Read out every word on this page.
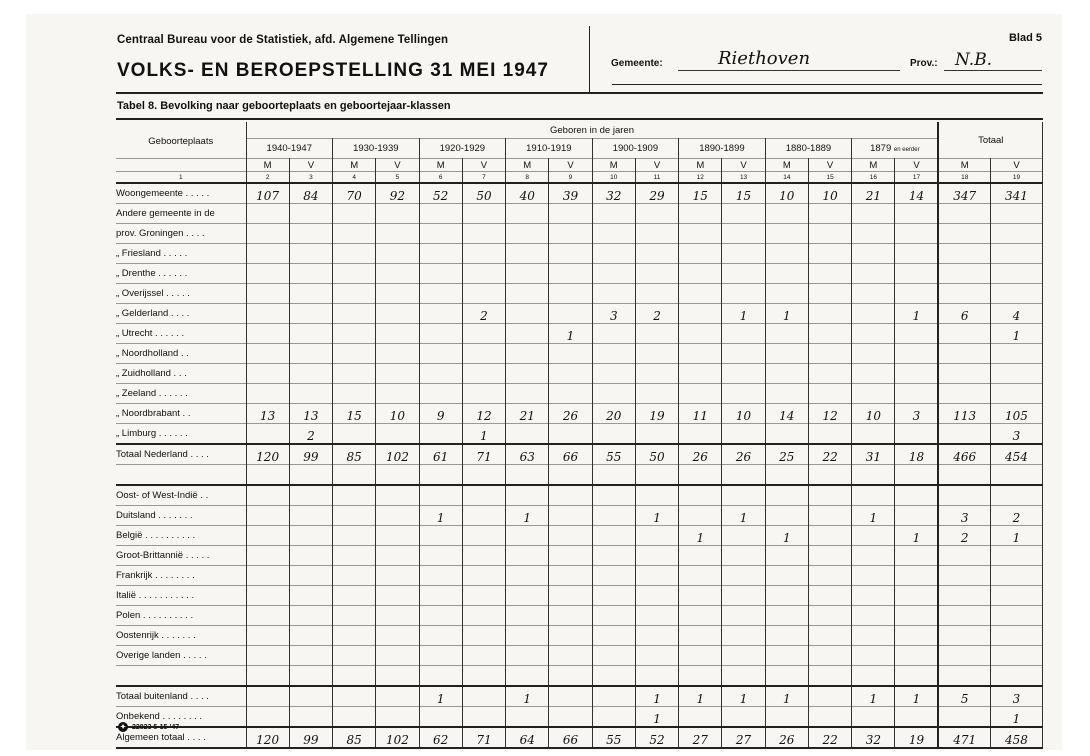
Centraal Bureau voor de Statistiek, afd. Algemene Tellingen
VOLKS- EN BEROEPSTELLING 31 MEI 1947
Blad 5
Gemeente:	Riethoven	Prov.: N.B.
Tabel 8. Bevolking naar geboorteplaats en geboortejaar-klassen
Geboorteplaats	Geboren in de jaren																Totaal	
	1940-1947		1930-1939		1920-1929		1910-1919		1900-1909		1890-1899		1880-1889		1879 en eerder			
	M	V	M	V	M	V	M	V	M	V	M	V	M	V	M	V	M	V
1	2	3	4	5	6	7	8	9	10	11	12	13	14	15	16	17	18	19
Woongemeente . . . . .	107	84	70	92	52	50	40	39	32	29	15	15	10	10	21	14	347	341
Andere gemeente in de																		
prov. Groningen . . . .																		
„ Friesland . . . . .																		
„ Drenthe . . . . . .																		
„ Overijssel . . . . .																		
„ Gelderland . . . .						2			3	2		1	1			1	6	4
„ Utrecht . . . . . .								1										1
„ Noordholland . .																		
„ Zuidholland . . .																		
„ Zeeland . . . . . .																		
„ Noordbrabant . .	13	13	15	10	9	12	21	26	20	19	11	10	14	12	10	3	113	105
„ Limburg . . . . . .		2				1												3
Totaal Nederland . . . .	120	99	85	102	61	71	63	66	55	50	26	26	25	22	31	18	466	454

Oost- of West-Indië . .																		
Duitsland . . . . . . .					1		1			1		1			1		3	2
België . . . . . . . . . .											1		1			1	2	1
Groot-Brittannië . . . . .																		
Frankrijk . . . . . . . .																		
Italië . . . . . . . . . . .																		
Polen . . . . . . . . . .																		
Oostenrijk . . . . . . .																		
Overige landen . . . . .																		

Totaal buitenland . . . .					1		1			1	1	1	1		1	1	5	3
Onbekend . . . . . . . .										1								1
Algemeen totaal . . . .	120	99	85	102	62	71	64	66	55	52	27	27	26	22	32	19	471	458

✦ 22823 5-15-'47
